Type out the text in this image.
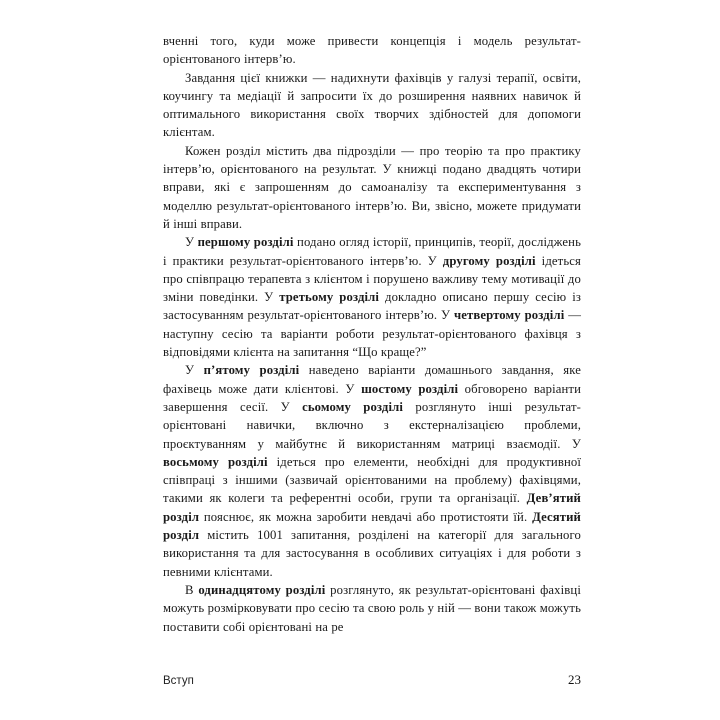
вченні того, куди може привести концепція і модель результат-орієнтованого інтерв’ю.

Завдання цієї книжки — надихнути фахівців у галузі терапії, освіти, коучингу та медіації й запросити їх до розширення наявних навичок й оптимального використання своїх творчих здібностей для допомоги клієнтам.

Кожен розділ містить два підрозділи — про теорію та про практику інтерв’ю, орієнтованого на результат. У книжці подано двадцять чотири вправи, які є запрошенням до самоаналізу та експериментування з моделлю результат-орієнтованого інтерв’ю. Ви, звісно, можете придумати й інші вправи.

У першому розділі подано огляд історії, принципів, теорії, досліджень і практики результат-орієнтованого інтерв’ю. У другому розділі ідеться про співпрацю терапевта з клієнтом і порушено важливу тему мотивації до зміни поведінки. У третьому розділі докладно описано першу сесію із застосуванням результат-орієнтованого інтерв’ю. У четвертому розділі — наступну сесію та варіанти роботи результат-орієнтованого фахівця з відповідями клієнта на запитання “Що краще?”

У п’ятому розділі наведено варіанти домашнього завдання, яке фахівець може дати клієнтові. У шостому розділі обговорено варіанти завершення сесії. У сьомому розділі розглянуто інші результат-орієнтовані навички, включно з екстерналізацією проблеми, проєктуванням у майбутнє й використанням матриці взаємодії. У восьмому розділі ідеться про елементи, необхідні для продуктивної співпраці з іншими (зазвичай орієнтованими на проблему) фахівцями, такими як колеги та референтні особи, групи та організації. Дев’ятий розділ пояснює, як можна заробити невдачі або протистояти їй. Десятий розділ містить 1001 запитання, розділені на категорії для загального використання та для застосування в особливих ситуаціях і для роботи з певними клієнтами.

В одинадцятому розділі розглянуто, як результат-орієнтовані фахівці можуть розмірковувати про сесію та свою роль у ній — вони також можуть поставити собі орієнтовані на ре

Вступ	23
